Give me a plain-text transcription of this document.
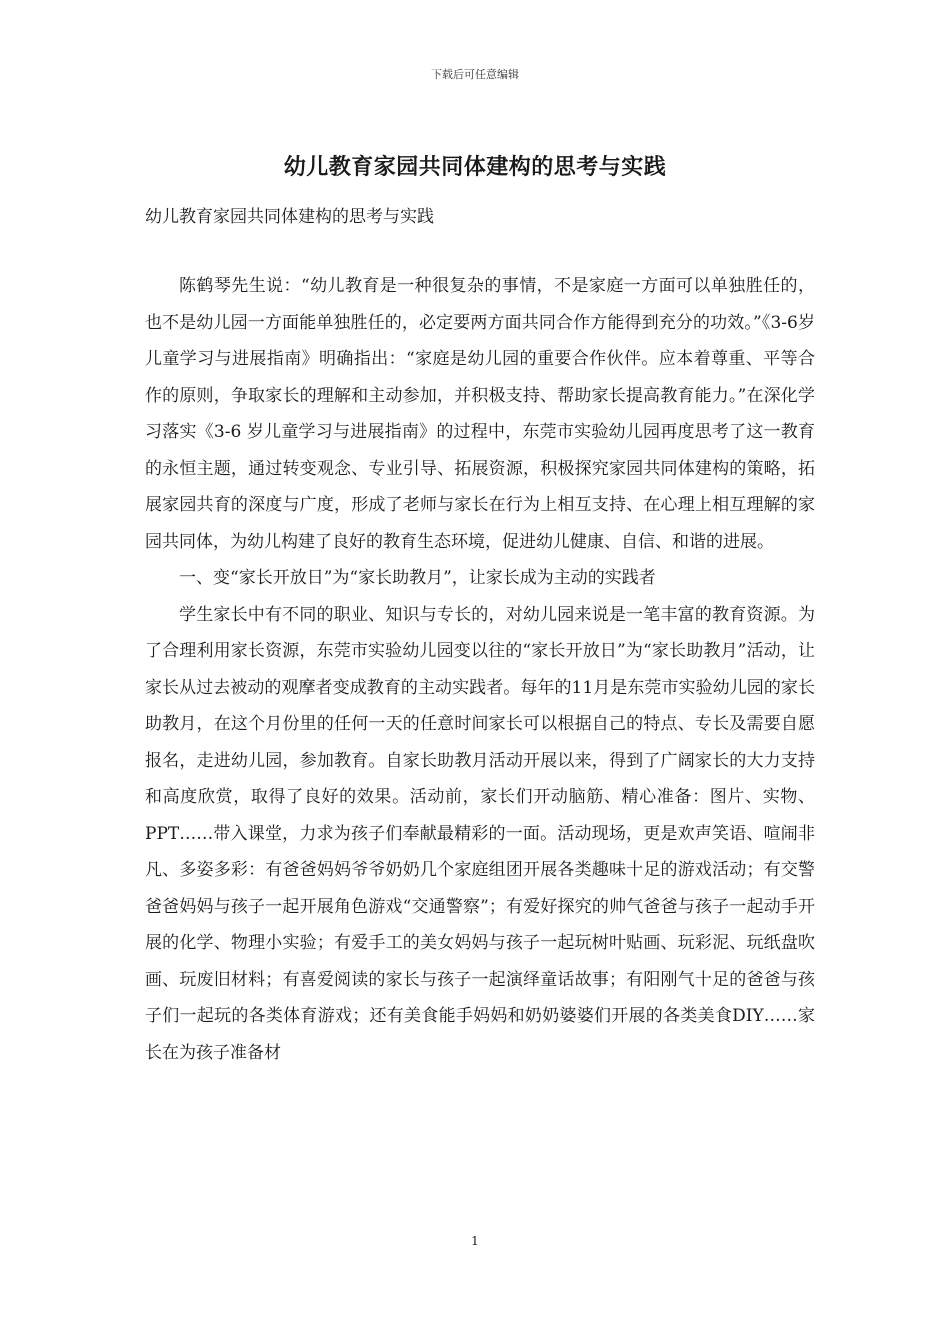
下载后可任意编辑
幼儿教育家园共同体建构的思考与实践

幼儿教育家园共同体建构的思考与实践

陈鹤琴先生说：“幼儿教育是一种很复杂的事情，不是家庭一方面可以单独胜任的，也不是幼儿园一方面能单独胜任的，必定要两方面共同合作方能得到充分的功效。”《3-6岁儿童学习与进展指南》明确指出：“家庭是幼儿园的重要合作伙伴。应本着尊重、平等合作的原则，争取家长的理解和主动参加，并积极支持、帮助家长提高教育能力。”在深化学习落实《3-6 岁儿童学习与进展指南》的过程中，东莞市实验幼儿园再度思考了这一教育的永恒主题，通过转变观念、专业引导、拓展资源，积极探究家园共同体建构的策略，拓展家园共育的深度与广度，形成了老师与家长在行为上相互支持、在心理上相互理解的家园共同体，为幼儿构建了良好的教育生态环境，促进幼儿健康、自信、和谐的进展。

一、变“家长开放日”为“家长助教月”，让家长成为主动的实践者

学生家长中有不同的职业、知识与专长的，对幼儿园来说是一笔丰富的教育资源。为了合理利用家长资源，东莞市实验幼儿园变以往的“家长开放日”为“家长助教月”活动，让家长从过去被动的观摩者变成教育的主动实践者。每年的11月是东莞市实验幼儿园的家长助教月，在这个月份里的任何一天的任意时间家长可以根据自己的特点、专长及需要自愿报名，走进幼儿园，参加教育。自家长助教月活动开展以来，得到了广阔家长的大力支持和高度欣赏，取得了良好的效果。活动前，家长们开动脑筋、精心准备：图片、实物、PPT……带入课堂，力求为孩子们奉献最精彩的一面。活动现场，更是欢声笑语、喧闹非凡、多姿多彩：有爸爸妈妈爷爷奶奶几个家庭组团开展各类趣味十足的游戏活动；有交警爸爸妈妈与孩子一起开展角色游戏“交通警察”；有爱好探究的帅气爸爸与孩子一起动手开展的化学、物理小实验；有爱手工的美女妈妈与孩子一起玩树叶贴画、玩彩泥、玩纸盘吹画、玩废旧材料；有喜爱阅读的家长与孩子一起演绎童话故事；有阳刚气十足的爸爸与孩子们一起玩的各类体育游戏；还有美食能手妈妈和奶奶婆婆们开展的各类美食DIY……家长在为孩子准备材

1
